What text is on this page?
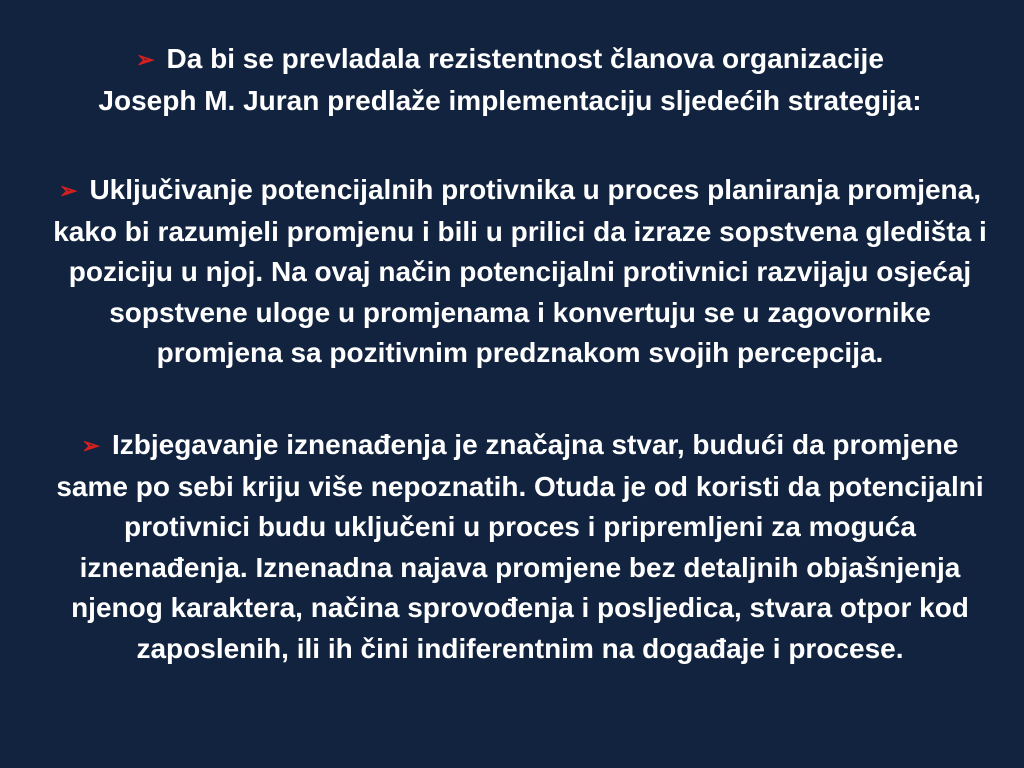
➢ Da bi se prevladala rezistentnost članova organizacije Joseph M. Juran predlaže implementaciju sljedećih strategija:

➢ Uključivanje potencijalnih protivnika u proces planiranja promjena, kako bi razumjeli promjenu i bili u prilici da izraze sopstvena gledišta i poziciju u njoj. Na ovaj način potencijalni protivnici razvijaju osjećaj sopstvene uloge u promjenama i konvertuju se u zagovornike promjena sa pozitivnim predznakom svojih percepcija.

➢ Izbjegavanje iznenađenja je značajna stvar, budući da promjene same po sebi kriju više nepoznatih. Otuda je od koristi da potencijalni protivnici budu uključeni u proces i pripremljeni za moguća iznenađenja. Iznenadna najava promjene bez detaljnih objašnjenja njenog karaktera, načina sprovođenja i posljedica, stvara otpor kod zaposlenih, ili ih čini indiferentnim na događaje i procese.
